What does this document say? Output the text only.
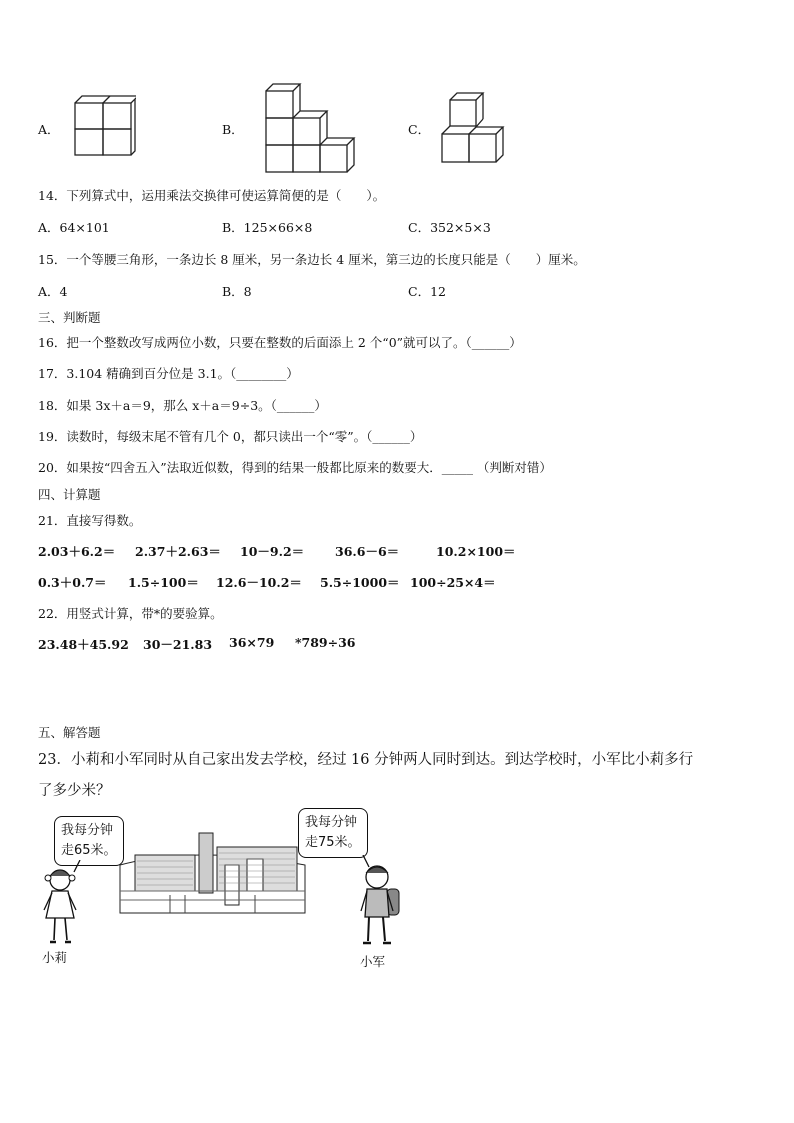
A．	B．	C．
14．下列算式中，运用乘法交换律可使运算简便的是（　　）。
A．64×101	B．125×66×8	C．352×5×3
15．一个等腰三角形，一条边长 8 厘米，另一条边长 4 厘米，第三边的长度只能是（　　）厘米。
A．4	B．8	C．12
三、判断题
16．把一个整数改写成两位小数，只要在整数的后面添上 2 个“0”就可以了。（______）
17．3.104 精确到百分位是 3.1。（________）
18．如果 3x＋a＝9，那么 x＋a＝9÷3。（______）
19．读数时，每级末尾不管有几个 0，都只读出一个“零”。（______）
20．如果按“四舍五入”法取近似数，得到的结果一般都比原来的数要大．_____ （判断对错）
四、计算题
21．直接写得数。
2.03＋6.2＝ 2.37＋2.63＝ 10－9.2＝ 36.6－6＝	10.2×100＝
0.3＋0.7＝ 1.5÷100＝ 12.6－10.2＝ 5.5÷1000＝ 100÷25×4＝
22．用竖式计算，带*的要验算。
23.48＋45.92 30－21.83 36×79 *789÷36
五、解答题
23．小莉和小军同时从自己家出发去学校，经过 16 分钟两人同时到达。到达学校时，小军比小莉多行
了多少米？
我每分钟
走65米。
小莉
我每分钟
走75米。
小军
